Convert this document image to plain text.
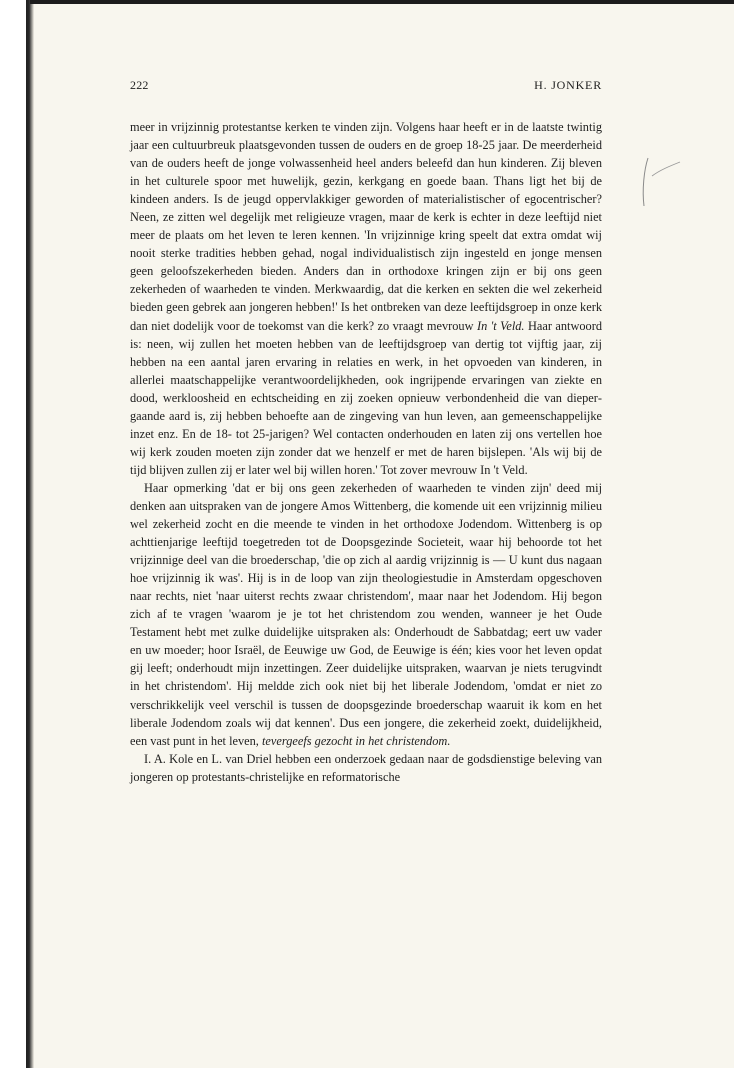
222	H. JONKER

meer in vrijzinnig protestantse kerken te vinden zijn. Volgens haar heeft er in de laatste twintig jaar een cultuurbreuk plaatsgevonden tussen de ouders en de groep 18-25 jaar. De meerderheid van de ouders heeft de jonge volwassenheid heel anders beleefd dan hun kinderen. Zij bleven in het culturele spoor met huwelijk, gezin, kerkgang en goede baan. Thans ligt het bij de kindeen anders. Is de jeugd oppervlakkiger geworden of materialistischer of egocentrischer? Neen, ze zitten wel degelijk met religieuze vragen, maar de kerk is echter in deze leeftijd niet meer de plaats om het leven te leren kennen. 'In vrijzinnige kring speelt dat extra omdat wij nooit sterke tradities hebben gehad, nogal individualistisch zijn ingesteld en jonge mensen geen geloofszekerheden bieden. Anders dan in orthodoxe kringen zijn er bij ons geen zekerheden of waarheden te vinden. Merkwaardig, dat die kerken en sekten die wel zekerheid bieden geen gebrek aan jongeren hebben!' Is het ontbreken van deze leeftijdsgroep in onze kerk dan niet dodelijk voor de toekomst van die kerk? zo vraagt mevrouw In 't Veld. Haar antwoord is: neen, wij zullen het moeten hebben van de leeftijdsgroep van dertig tot vijftig jaar, zij hebben na een aantal jaren ervaring in relaties en werk, in het opvoeden van kinderen, in allerlei maatschappelijke verantwoordelijkheden, ook ingrijpende ervaringen van ziekte en dood, werkloosheid en echtscheiding en zij zoeken opnieuw verbondenheid die van diepergaande aard is, zij hebben behoefte aan de zingeving van hun leven, aan gemeenschappelijke inzet enz. En de 18- tot 25-jarigen? Wel contacten onderhouden en laten zij ons vertellen hoe wij kerk zouden moeten zijn zonder dat we henzelf er met de haren bijslepen. 'Als wij bij de tijd blijven zullen zij er later wel bij willen horen.' Tot zover mevrouw In 't Veld.

Haar opmerking 'dat er bij ons geen zekerheden of waarheden te vinden zijn' deed mij denken aan uitspraken van de jongere Amos Wittenberg, die komende uit een vrijzinnig milieu wel zekerheid zocht en die meende te vinden in het orthodoxe Jodendom. Wittenberg is op achttienjarige leeftijd toegetreden tot de Doopsgezinde Societeit, waar hij behoorde tot het vrijzinnige deel van die broederschap, 'die op zich al aardig vrijzinnig is — U kunt dus nagaan hoe vrijzinnig ik was'. Hij is in de loop van zijn theologiestudie in Amsterdam opgeschoven naar rechts, niet 'naar uiterst rechts zwaar christendom', maar naar het Jodendom. Hij begon zich af te vragen 'waarom je je tot het christendom zou wenden, wanneer je het Oude Testament hebt met zulke duidelijke uitspraken als: Onderhoudt de Sabbatdag; eert uw vader en uw moeder; hoor Israël, de Eeuwige uw God, de Eeuwige is één; kies voor het leven opdat gij leeft; onderhoudt mijn inzettingen. Zeer duidelijke uitspraken, waarvan je niets terugvindt in het christendom'. Hij meldde zich ook niet bij het liberale Jodendom, 'omdat er niet zo verschrikkelijk veel verschil is tussen de doopsgezinde broederschap waaruit ik kom en het liberale Jodendom zoals wij dat kennen'. Dus een jongere, die zekerheid zoekt, duidelijkheid, een vast punt in het leven, tevergeefs gezocht in het christendom.

I. A. Kole en L. van Driel hebben een onderzoek gedaan naar de godsdienstige beleving van jongeren op protestants-christelijke en reformatorische
